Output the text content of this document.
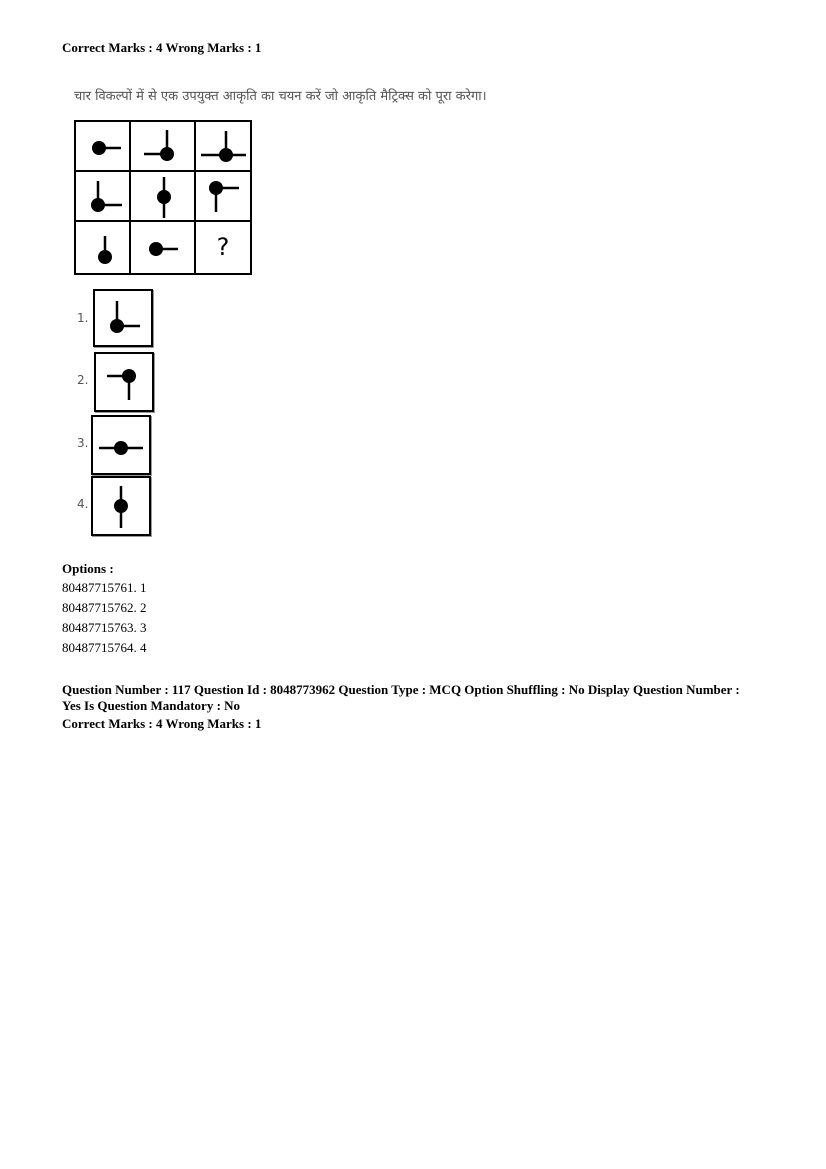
Correct Marks : 4 Wrong Marks : 1
चार विकल्पों में से एक उपयुक्त आकृति का चयन करें जो आकृति मैट्रिक्स को पूरा करेगा।
?
1.
2.
3.
4.
Options :
80487715761. 1
80487715762. 2
80487715763. 3
80487715764. 4
Question Number : 117 Question Id : 8048773962 Question Type : MCQ Option Shuffling : No Display Question Number :
Yes Is Question Mandatory : No
Correct Marks : 4 Wrong Marks : 1
